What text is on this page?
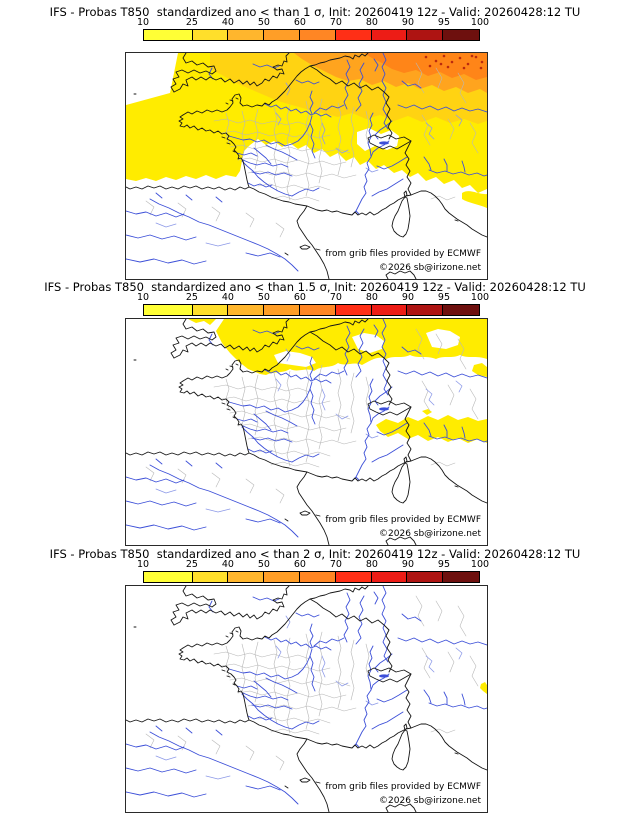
IFS - Probas T850  standardized ano < than 1 σ, Init: 20260419 12z - Valid: 20260428:12 TU
10	25	40	50	60	70	80	90	95 100
from grib files provided by ECMWF
©2026 sb@irizone.net
IFS - Probas T850  standardized ano < than 1.5 σ, Init: 20260419 12z - Valid: 20260428:12 TU
10	25	40	50	60	70	80	90	95 100
from grib files provided by ECMWF
©2026 sb@irizone.net
IFS - Probas T850  standardized ano < than 2 σ, Init: 20260419 12z - Valid: 20260428:12 TU
10	25	40	50	60	70	80	90	95 100
from grib files provided by ECMWF
©2026 sb@irizone.net
